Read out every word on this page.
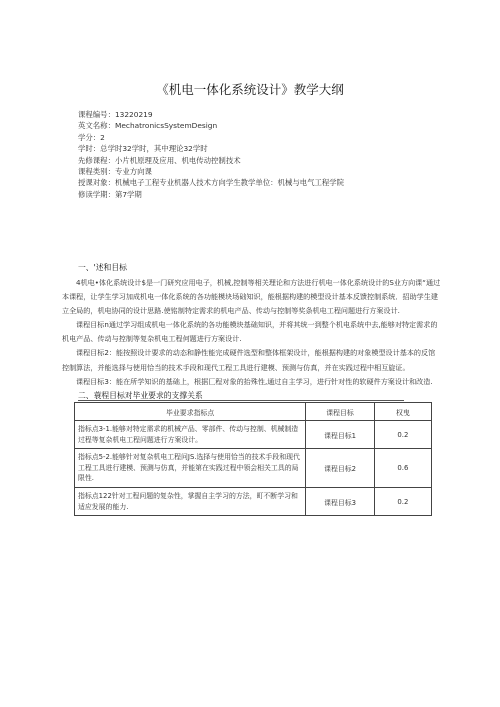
《机电一体化系统设计》教学大纲
课程编号：13220219
英文名称：MechatronicsSystemDesign
学分：2
学时：总学时32学时，其中理论32学时
先修课程：小片机原理及应用、机电传动控制技术
课程类别：专业方向课
授课对象：机械电子工程专业机器人技术方向学生教学单位：机械与电气工程学院
修读学期：第7学期
一、'述和目标

4机电•体化系统设计$是一门研究应用电子，机械,控制等相关理论和方法进行机电一体化系统设计的S业方向课“通过本课程，让学生学习加成机电一体化系统的各功能模块场础知识，能根据构建的模型设计基本反馈控制系统．招助学生建立全局的，机电协同的设计思路.使铭制特定需求的机电产品、传动与控制等奖条机电工程问题进行方案设计.

课程目标n通过学习组成机电一体化系统的各功能模块基础知识，并将其统一到整个机电系统中去,能够对特定需求的机电产品、传动与控制等复杂机电工程何题进行方案设计.

课程目标2：能按照设计要求的动态和静性能完成硬件选型和整体框架设计，能根据构建的对象模型设计基本的反馆控制算法，并能选择与使用恰当的技术手段和现代工程工具进行建模、预测与仿真，并在实践过程中相互旋证。

课程目标3：能在所学知识的基础上，根据匚程对象的抬殊性,通过自主学习，进行针对性的软硬件方案设计和改造.

二、蓑程目标对毕业要求的支撑关系
毕业要求指标点	课程目标	权曳
指标点3-1.能够对特定需求的机械产品、零部件、传动与控制、机械制造过程等复杂机电工程问题进行方案设计。	课程目标1	0.2
指标点5-2.能够针对复杂机电工程问JS.选择与使用恰当的技术手段和现代工程工具进行建模、预测与仿真，并能第在实践过程中领会相关工具的局限性.	课程目标2	0.6
指标点122针对工程问题的复杂性，掌握自主学习的方法，町不断学习和适应发展的能力.	课程目标3	0.2
